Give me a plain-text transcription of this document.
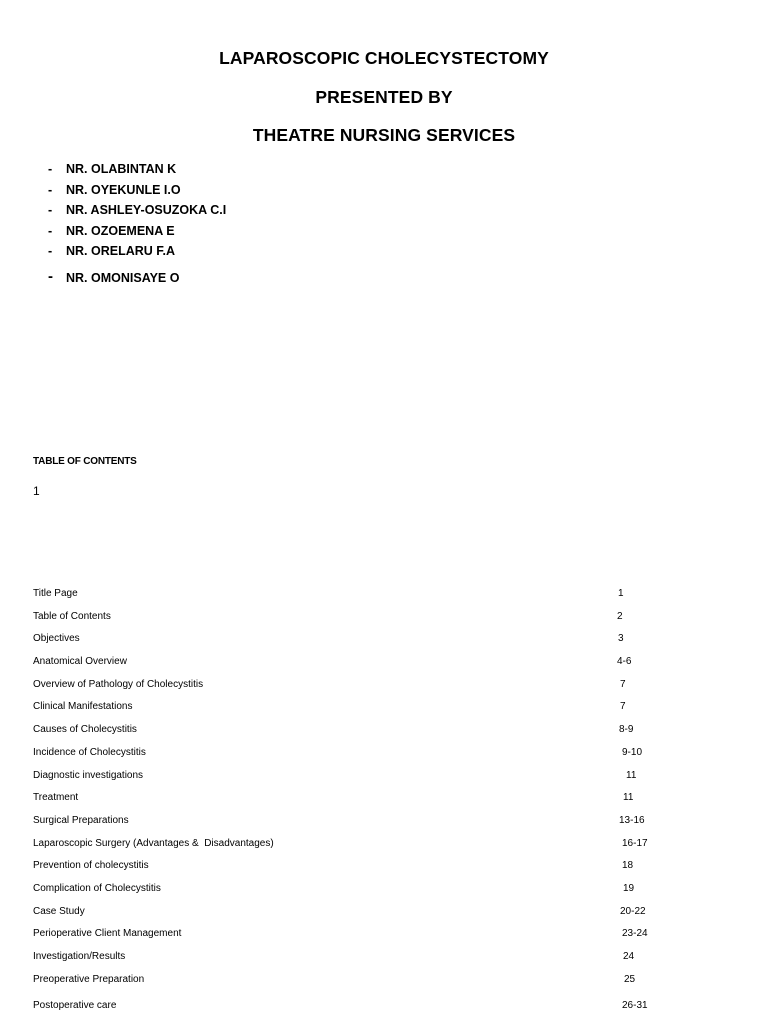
LAPAROSCOPIC CHOLECYSTECTOMY
PRESENTED BY
THEATRE NURSING SERVICES
-	NR. OLABINTAN K
-	NR. OYEKUNLE I.O
-	NR. ASHLEY-OSUZOKA C.I
-	NR. OZOEMENA E
-	NR. ORELARU F.A
-	NR. OMONISAYE O
TABLE OF CONTENTS
1
Title Page	1
Table of Contents	2
Objectives	3
Anatomical Overview	4-6
Overview of Pathology of Cholecystitis	7
Clinical Manifestations	7
Causes of Cholecystitis	8-9
Incidence of Cholecystitis	9-10
Diagnostic investigations	11
Treatment	11
Surgical Preparations	13-16
Laparoscopic Surgery (Advantages &  Disadvantages)	16-17
Prevention of cholecystitis	18
Complication of Cholecystitis	19
Case Study	20-22
Perioperative Client Management	23-24
Investigation/Results	24
Preoperative Preparation	25
Postoperative care	26-31
